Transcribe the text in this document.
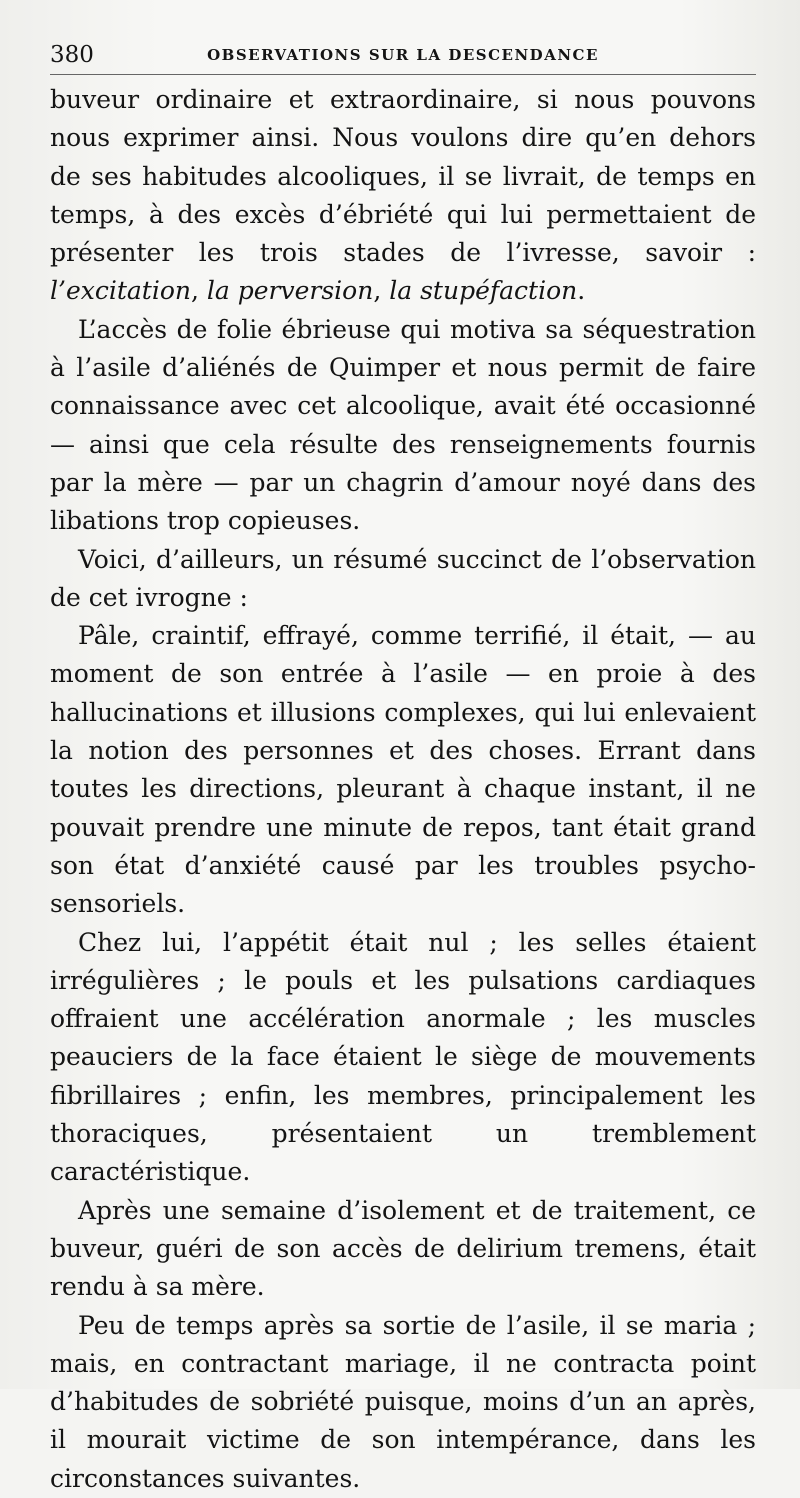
380	OBSERVATIONS SUR LA DESCENDANCE

buveur ordinaire et extraordinaire, si nous pouvons nous exprimer ainsi. Nous voulons dire qu’en dehors de ses habitudes alcooliques, il se livrait, de temps en temps, à des excès d’ébriété qui lui permettaient de présenter les trois stades de l’ivresse, savoir : l’excitation, la perversion, la stupéfaction.

L’accès de folie ébrieuse qui motiva sa séquestration à l’asile d’aliénés de Quimper et nous permit de faire connaissance avec cet alcoolique, avait été occasionné — ainsi que cela résulte des renseignements fournis par la mère — par un chagrin d’amour noyé dans des libations trop copieuses.

Voici, d’ailleurs, un résumé succinct de l’observation de cet ivrogne :

Pâle, craintif, effrayé, comme terrifié, il était, — au moment de son entrée à l’asile — en proie à des hallucinations et illusions complexes, qui lui enlevaient la notion des personnes et des choses. Errant dans toutes les directions, pleurant à chaque instant, il ne pouvait prendre une minute de repos, tant était grand son état d’anxiété causé par les troubles psycho-sensoriels.

Chez lui, l’appétit était nul ; les selles étaient irrégulières ; le pouls et les pulsations cardiaques offraient une accélération anormale ; les muscles peauciers de la face étaient le siège de mouvements fibrillaires ; enfin, les membres, principalement les thoraciques, présentaient un tremblement caractéristique.

Après une semaine d’isolement et de traitement, ce buveur, guéri de son accès de delirium tremens, était rendu à sa mère.

Peu de temps après sa sortie de l’asile, il se maria ; mais, en contractant mariage, il ne contracta point d’habitudes de sobriété puisque, moins d’un an après, il mourait victime de son intempérance, dans les circonstances suivantes.
